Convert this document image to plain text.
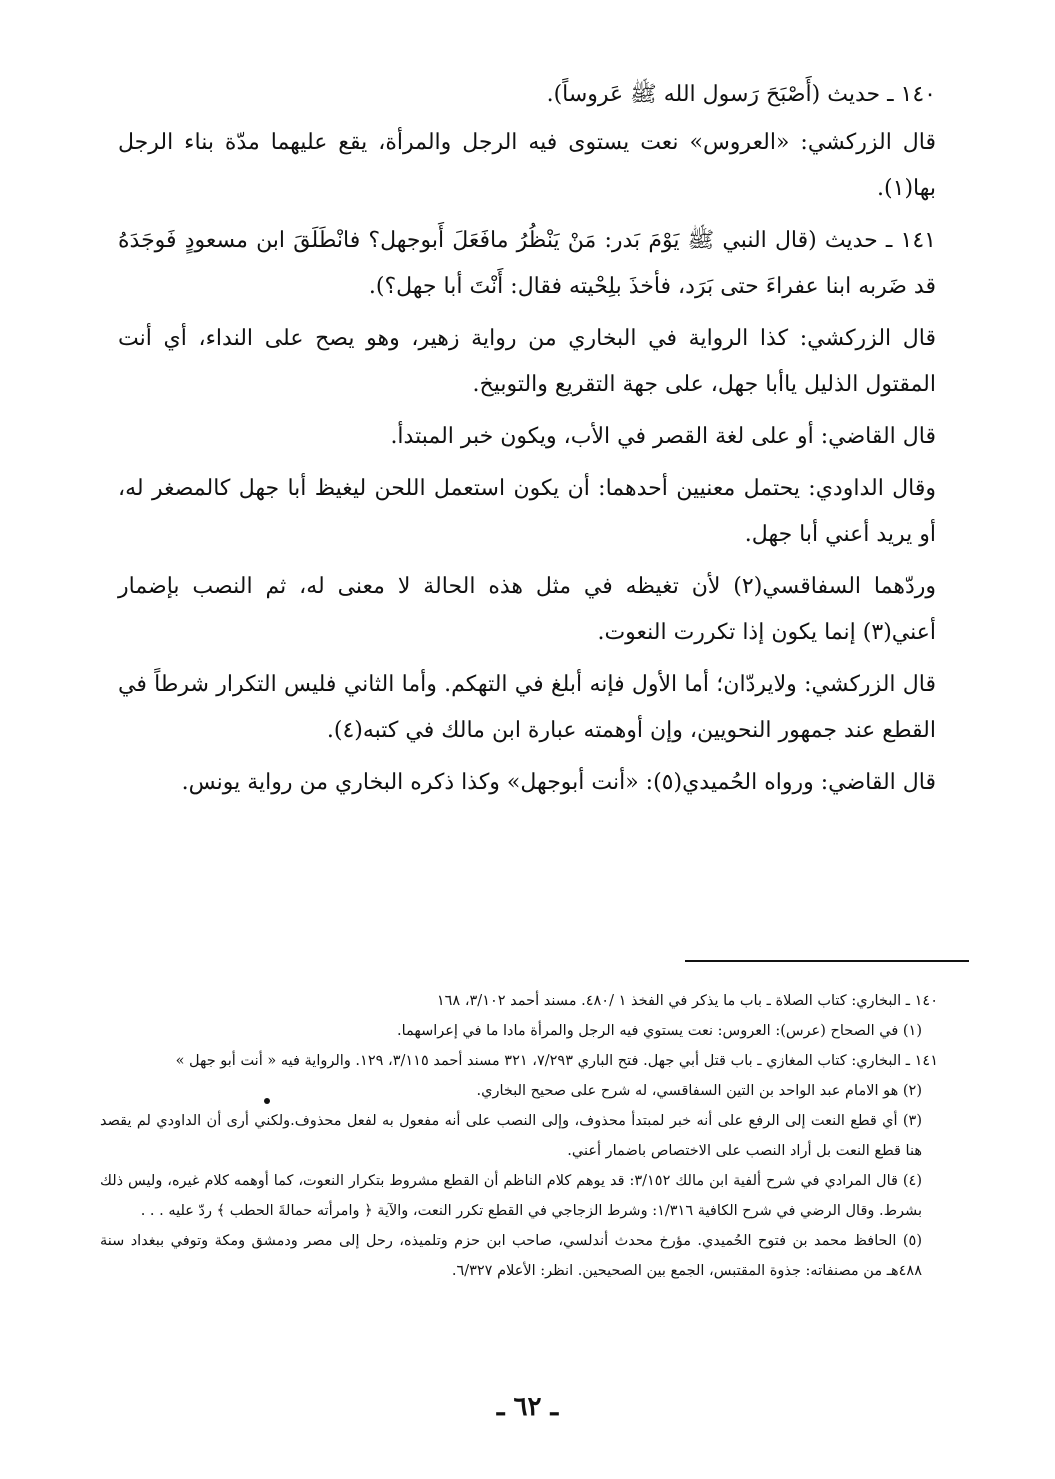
١٤٠ ـ حديث (أَصْبَحَ رَسول الله ﷺ عَروساً).

قال الزركشي: «العروس» نعت يستوى فيه الرجل والمرأة، يقع عليهما مدّة بناء الرجل بها(١).

١٤١ ـ حديث (قال النبي ﷺ يَوْمَ بَدر: مَنْ يَنْظُرُ مافَعَلَ أَبوجهل؟ فانْطَلَقَ ابن مسعودٍ فَوجَدَهُ قد ضَربه ابنا عفراءَ حتى بَرَد، فأخذَ بلِحْيته فقال: أَنْتَ أبا جهل؟).

قال الزركشي: كذا الرواية في البخاري من رواية زهير، وهو يصح على النداء، أي أنت المقتول الذليل ياأبا جهل، على جهة التقريع والتوبيخ.

قال القاضي: أو على لغة القصر في الأب، ويكون خبر المبتدأ.

وقال الداودي: يحتمل معنيين أحدهما: أن يكون استعمل اللحن ليغيظ أبا جهل كالمصغر له، أو يريد أعني أبا جهل.

وردّهما السفاقسي(٢) لأن تغيظه في مثل هذه الحالة لا معنى له، ثم النصب بإضمار أعني(٣) إنما يكون إذا تكررت النعوت.

قال الزركشي: ولايردّان؛ أما الأول فإنه أبلغ في التهكم. وأما الثاني فليس التكرار شرطاً في القطع عند جمهور النحويين، وإن أوهمته عبارة ابن مالك في كتبه(٤).

قال القاضي: ورواه الحُميدي(٥): «أنت أبوجهل» وكذا ذكره البخاري من رواية يونس.

١٤٠ ـ البخاري: كتاب الصلاة ـ باب ما يذكر في الفخذ ١ /٤٨٠. مسند أحمد ٣/١٠٢، ١٦٨

(١) في الصحاح (عرس): العروس: نعت يستوي فيه الرجل والمرأة مادا ما في إعراسهما.

١٤١ ـ البخاري: كتاب المغازي ـ باب قتل أبي جهل. فتح الباري ٧/٢٩٣، ٣٢١ مسند أحمد ٣/١١٥، ١٢٩. والرواية فيه « أنت أبو جهل »

(٢) هو الامام عبد الواحد بن التين السفاقسي، له شرح على صحيح البخاري.

(٣) أي قطع النعت إلى الرفع على أنه خبر لمبتدأ محذوف، وإلى النصب على أنه مفعول به لفعل محذوف.ولكني أرى أن الداودي لم يقصد هنا قطع النعت بل أراد النصب على الاختصاص باضمار أعني.

(٤) قال المرادي في شرح ألفية ابن مالك ٣/١٥٢: قد يوهم كلام الناظم أن القطع مشروط بتكرار النعوت، كما أوهمه كلام غيره، وليس ذلك بشرط. وقال الرضي في شرح الكافية ١/٣١٦: وشرط الزجاجي في القطع تكرر النعت، والآية ﴿ وامرأته حمالةَ الحطب ﴾ ردّ عليه . . .

(٥) الحافظ محمد بن فتوح الحُميدي. مؤرخ محدث أندلسي، صاحب ابن حزم وتلميذه، رحل إلى مصر ودمشق ومكة وتوفي ببغداد سنة ٤٨٨هـ من مصنفاته: جذوة المقتبس، الجمع بين الصحيحين. انظر: الأعلام ٦/٣٢٧.

ـ ٦٢ ـ
